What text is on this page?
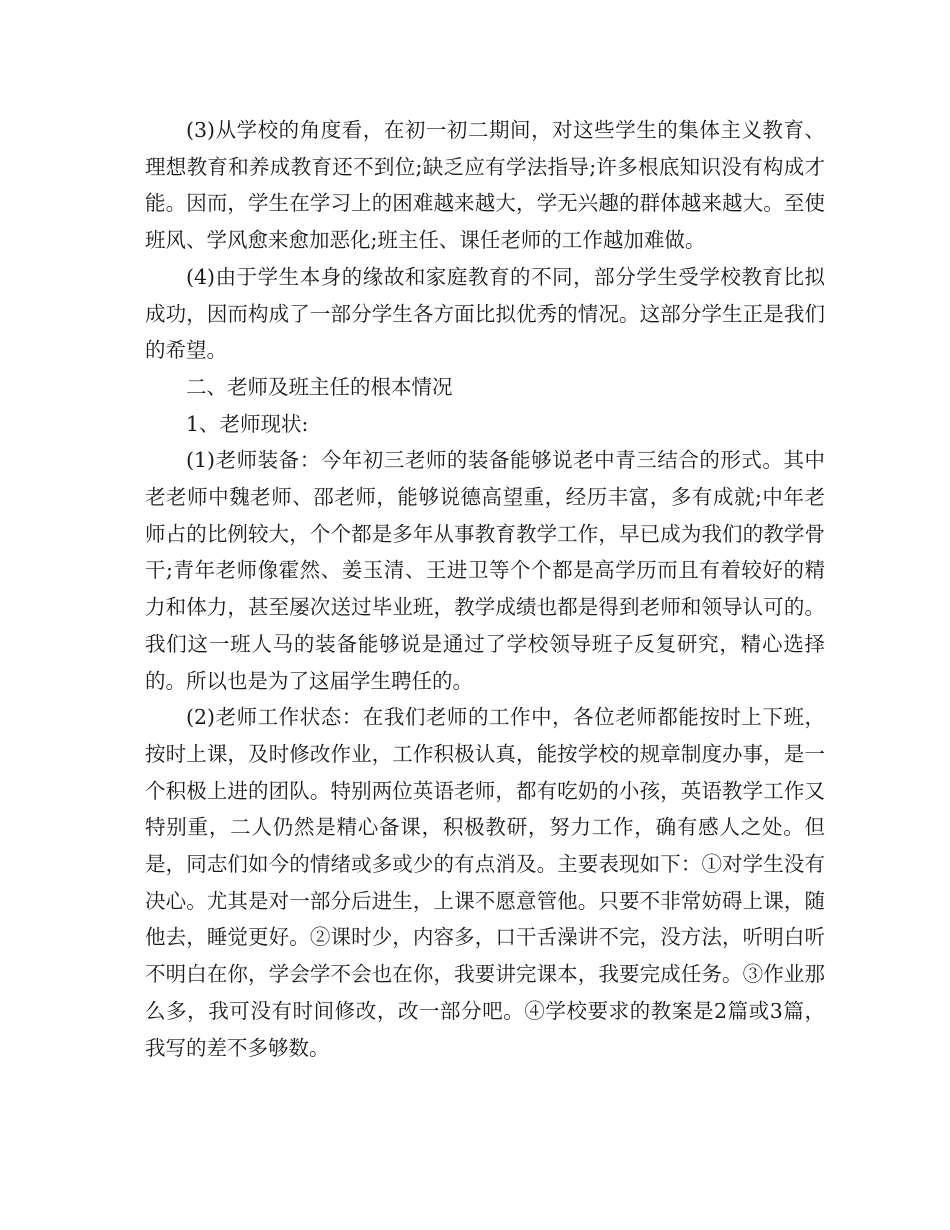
(3)从学校的角度看，在初一初二期间，对这些学生的集体主义教育、理想教育和养成教育还不到位;缺乏应有学法指导;许多根底知识没有构成才能。因而，学生在学习上的困难越来越大，学无兴趣的群体越来越大。至使班风、学风愈来愈加恶化;班主任、课任老师的工作越加难做。

(4)由于学生本身的缘故和家庭教育的不同，部分学生受学校教育比拟成功，因而构成了一部分学生各方面比拟优秀的情况。这部分学生正是我们的希望。

二、老师及班主任的根本情况

1、老师现状:

(1)老师装备：今年初三老师的装备能够说老中青三结合的形式。其中老老师中魏老师、邵老师，能够说德高望重，经历丰富，多有成就;中年老师占的比例较大，个个都是多年从事教育教学工作，早已成为我们的教学骨干;青年老师像霍然、姜玉清、王进卫等个个都是高学历而且有着较好的精力和体力，甚至屡次送过毕业班，教学成绩也都是得到老师和领导认可的。我们这一班人马的装备能够说是通过了学校领导班子反复研究，精心选择的。所以也是为了这届学生聘任的。

(2)老师工作状态：在我们老师的工作中，各位老师都能按时上下班，按时上课，及时修改作业，工作积极认真，能按学校的规章制度办事，是一个积极上进的团队。特别两位英语老师，都有吃奶的小孩，英语教学工作又特别重，二人仍然是精心备课，积极教研，努力工作，确有感人之处。但是，同志们如今的情绪或多或少的有点消及。主要表现如下：①对学生没有决心。尤其是对一部分后进生，上课不愿意管他。只要不非常妨碍上课，随他去，睡觉更好。②课时少，内容多，口干舌澡讲不完，没方法，听明白听不明白在你，学会学不会也在你，我要讲完课本，我要完成任务。③作业那么多，我可没有时间修改，改一部分吧。④学校要求的教案是2篇或3篇，我写的差不多够数。
